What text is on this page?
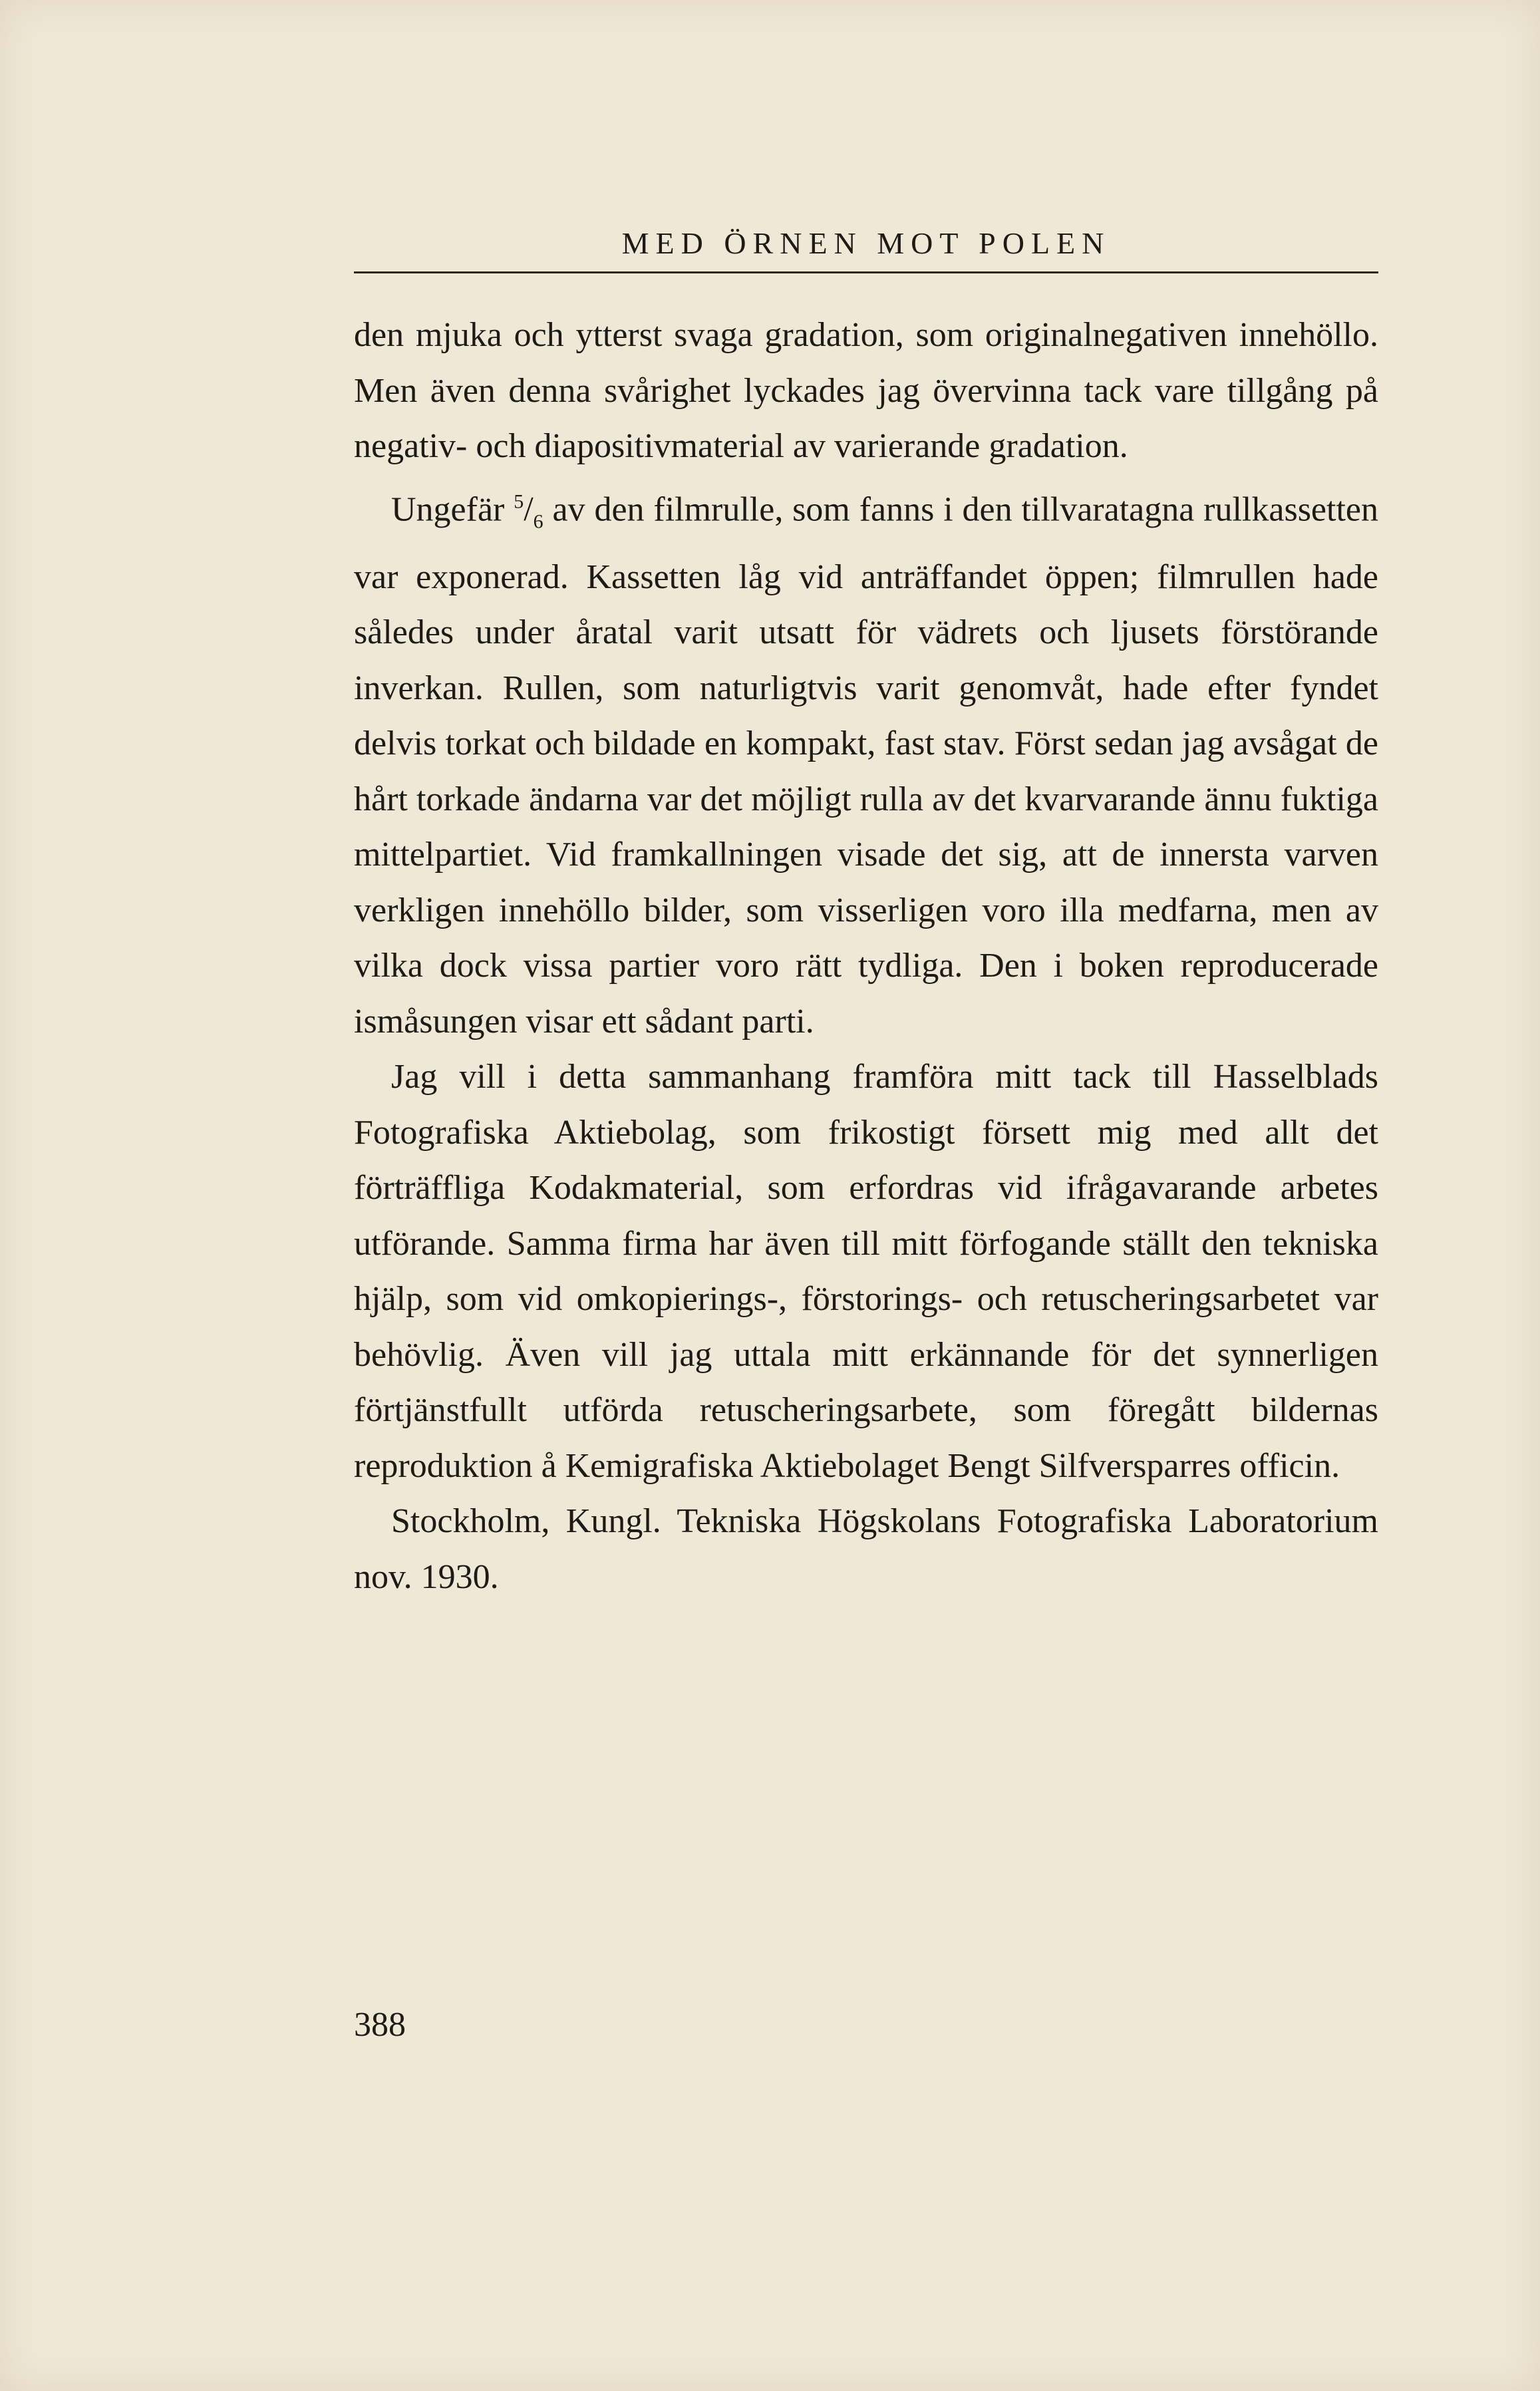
MED ÖRNEN MOT POLEN

den mjuka och ytterst svaga gradation, som originalnegativen innehöllo. Men även denna svårighet lyckades jag övervinna tack vare tillgång på negativ- och diapositivmaterial av varierande gradation.

Ungefär $^5/_6$ av den filmrulle, som fanns i den tillvaratagna rullkassetten var exponerad. Kassetten låg vid anträffandet öppen; filmrullen hade således under åratal varit utsatt för vädrets och ljusets förstörande inverkan. Rullen, som naturligtvis varit genomvåt, hade efter fyndet delvis torkat och bildade en kompakt, fast stav. Först sedan jag avsågat de hårt torkade ändarna var det möjligt rulla av det kvarvarande ännu fuktiga mittelpartiet. Vid framkallningen visade det sig, att de innersta varven verkligen innehöllo bilder, som visserligen voro illa medfarna, men av vilka dock vissa partier voro rätt tydliga. Den i boken reproducerade ismåsungen visar ett sådant parti.

Jag vill i detta sammanhang framföra mitt tack till Hasselblads Fotografiska Aktiebolag, som frikostigt försett mig med allt det förträffliga Kodakmaterial, som erfordras vid ifrågavarande arbetes utförande. Samma firma har även till mitt förfogande ställt den tekniska hjälp, som vid omkopierings-, förstorings- och retuscheringsarbetet var behövlig. Även vill jag uttala mitt erkännande för det synnerligen förtjänstfullt utförda retuscheringsarbete, som föregått bildernas reproduktion å Kemigrafiska Aktiebolaget Bengt Silfversparres officin.

Stockholm, Kungl. Tekniska Högskolans Fotografiska Laboratorium nov. 1930.

388
